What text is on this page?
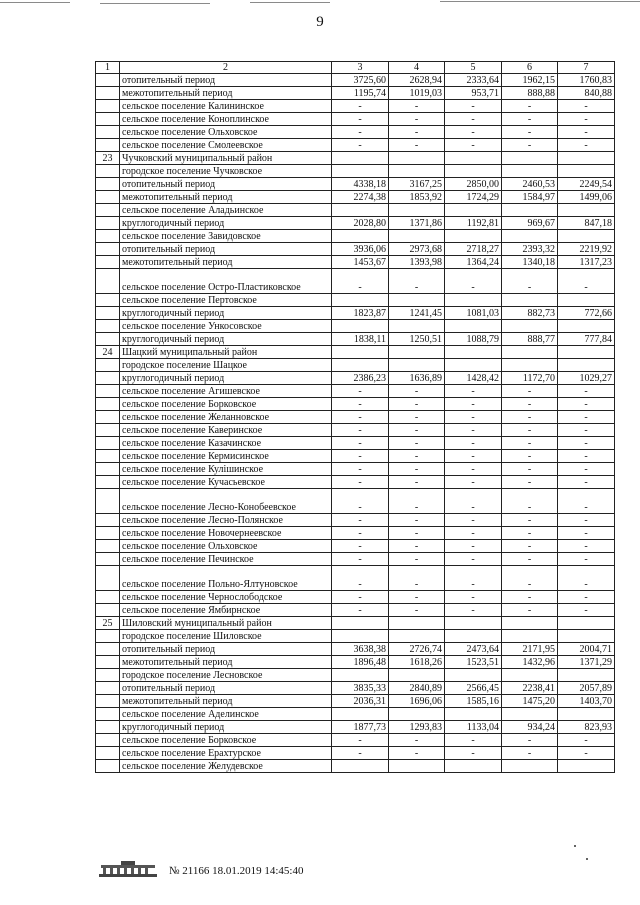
9
1	2	3	4	5	6	7
	отопительный период	3725,60	2628,94	2333,64	1962,15	1760,83
	межотопительный период	1195,74	1019,03	953,71	888,88	840,88
	сельское поселение Калининское	-	-	-	-	-
	сельское поселение Коноплинское	-	-	-	-	-
	сельское поселение Ольховское	-	-	-	-	-
	сельское поселение Смолеевское	-	-	-	-	-
23	Чучковский муниципальный район					
	городское поселение Чучковское					
	отопительный период	4338,18	3167,25	2850,00	2460,53	2249,54
	межотопительный период	2274,38	1853,92	1724,29	1584,97	1499,06
	сельское поселение Аладьинское					
	круглогодичный период	2028,80	1371,86	1192,81	969,67	847,18
	сельское поселение Завидовское					
	отопительный период	3936,06	2973,68	2718,27	2393,32	2219,92
	межотопительный период	1453,67	1393,98	1364,24	1340,18	1317,23
	сельское поселение Остро-Пластиковское	-	-	-	-	-
	сельское поселение Пертовское					
	круглогодичный период	1823,87	1241,45	1081,03	882,73	772,66
	сельское поселение Ункосовское					
	круглогодичный период	1838,11	1250,51	1088,79	888,77	777,84
24	Шацкий муниципальный район					
	городское поселение Шацкое					
	круглогодичный период	2386,23	1636,89	1428,42	1172,70	1029,27
	сельское поселение Агишевское	-	-	-	-	-
	сельское поселение Борковское	-	-	-	-	-
	сельское поселение Желанновское	-	-	-	-	-
	сельское поселение Каверинское	-	-	-	-	-
	сельское поселение Казачинское	-	-	-	-	-
	сельское поселение Кермисинское	-	-	-	-	-
	сельское поселение Кулішинское	-	-	-	-	-
	сельское поселение Кучасьевское	-	-	-	-	-
	сельское поселение Лесно-Конобеевское	-	-	-	-	-
	сельское поселение Лесно-Полянское	-	-	-	-	-
	сельское поселение Новочернеевское	-	-	-	-	-
	сельское поселение Ольховское	-	-	-	-	-
	сельское поселение Печинское	-	-	-	-	-
	сельское поселение Польно-Ялтуновское	-	-	-	-	-
	сельское поселение Чернослободское	-	-	-	-	-
	сельское поселение Ямбирнское	-	-	-	-	-
25	Шиловский муниципальный район					
	городское поселение Шиловское					
	отопительный период	3638,38	2726,74	2473,64	2171,95	2004,71
	межотопительный период	1896,48	1618,26	1523,51	1432,96	1371,29
	городское поселение Лесновское					
	отопительный период	3835,33	2840,89	2566,45	2238,41	2057,89
	межотопительный период	2036,31	1696,06	1585,16	1475,20	1403,70
	сельское поселение Аделинское					
	круглогодичный период	1877,73	1293,83	1133,04	934,24	823,93
	сельское поселение Борковское	-	-	-	-	-
	сельское поселение Ерахтурское	-	-	-	-	-
	сельское поселение Желудевское					
№ 21166 18.01.2019 14:45:40
